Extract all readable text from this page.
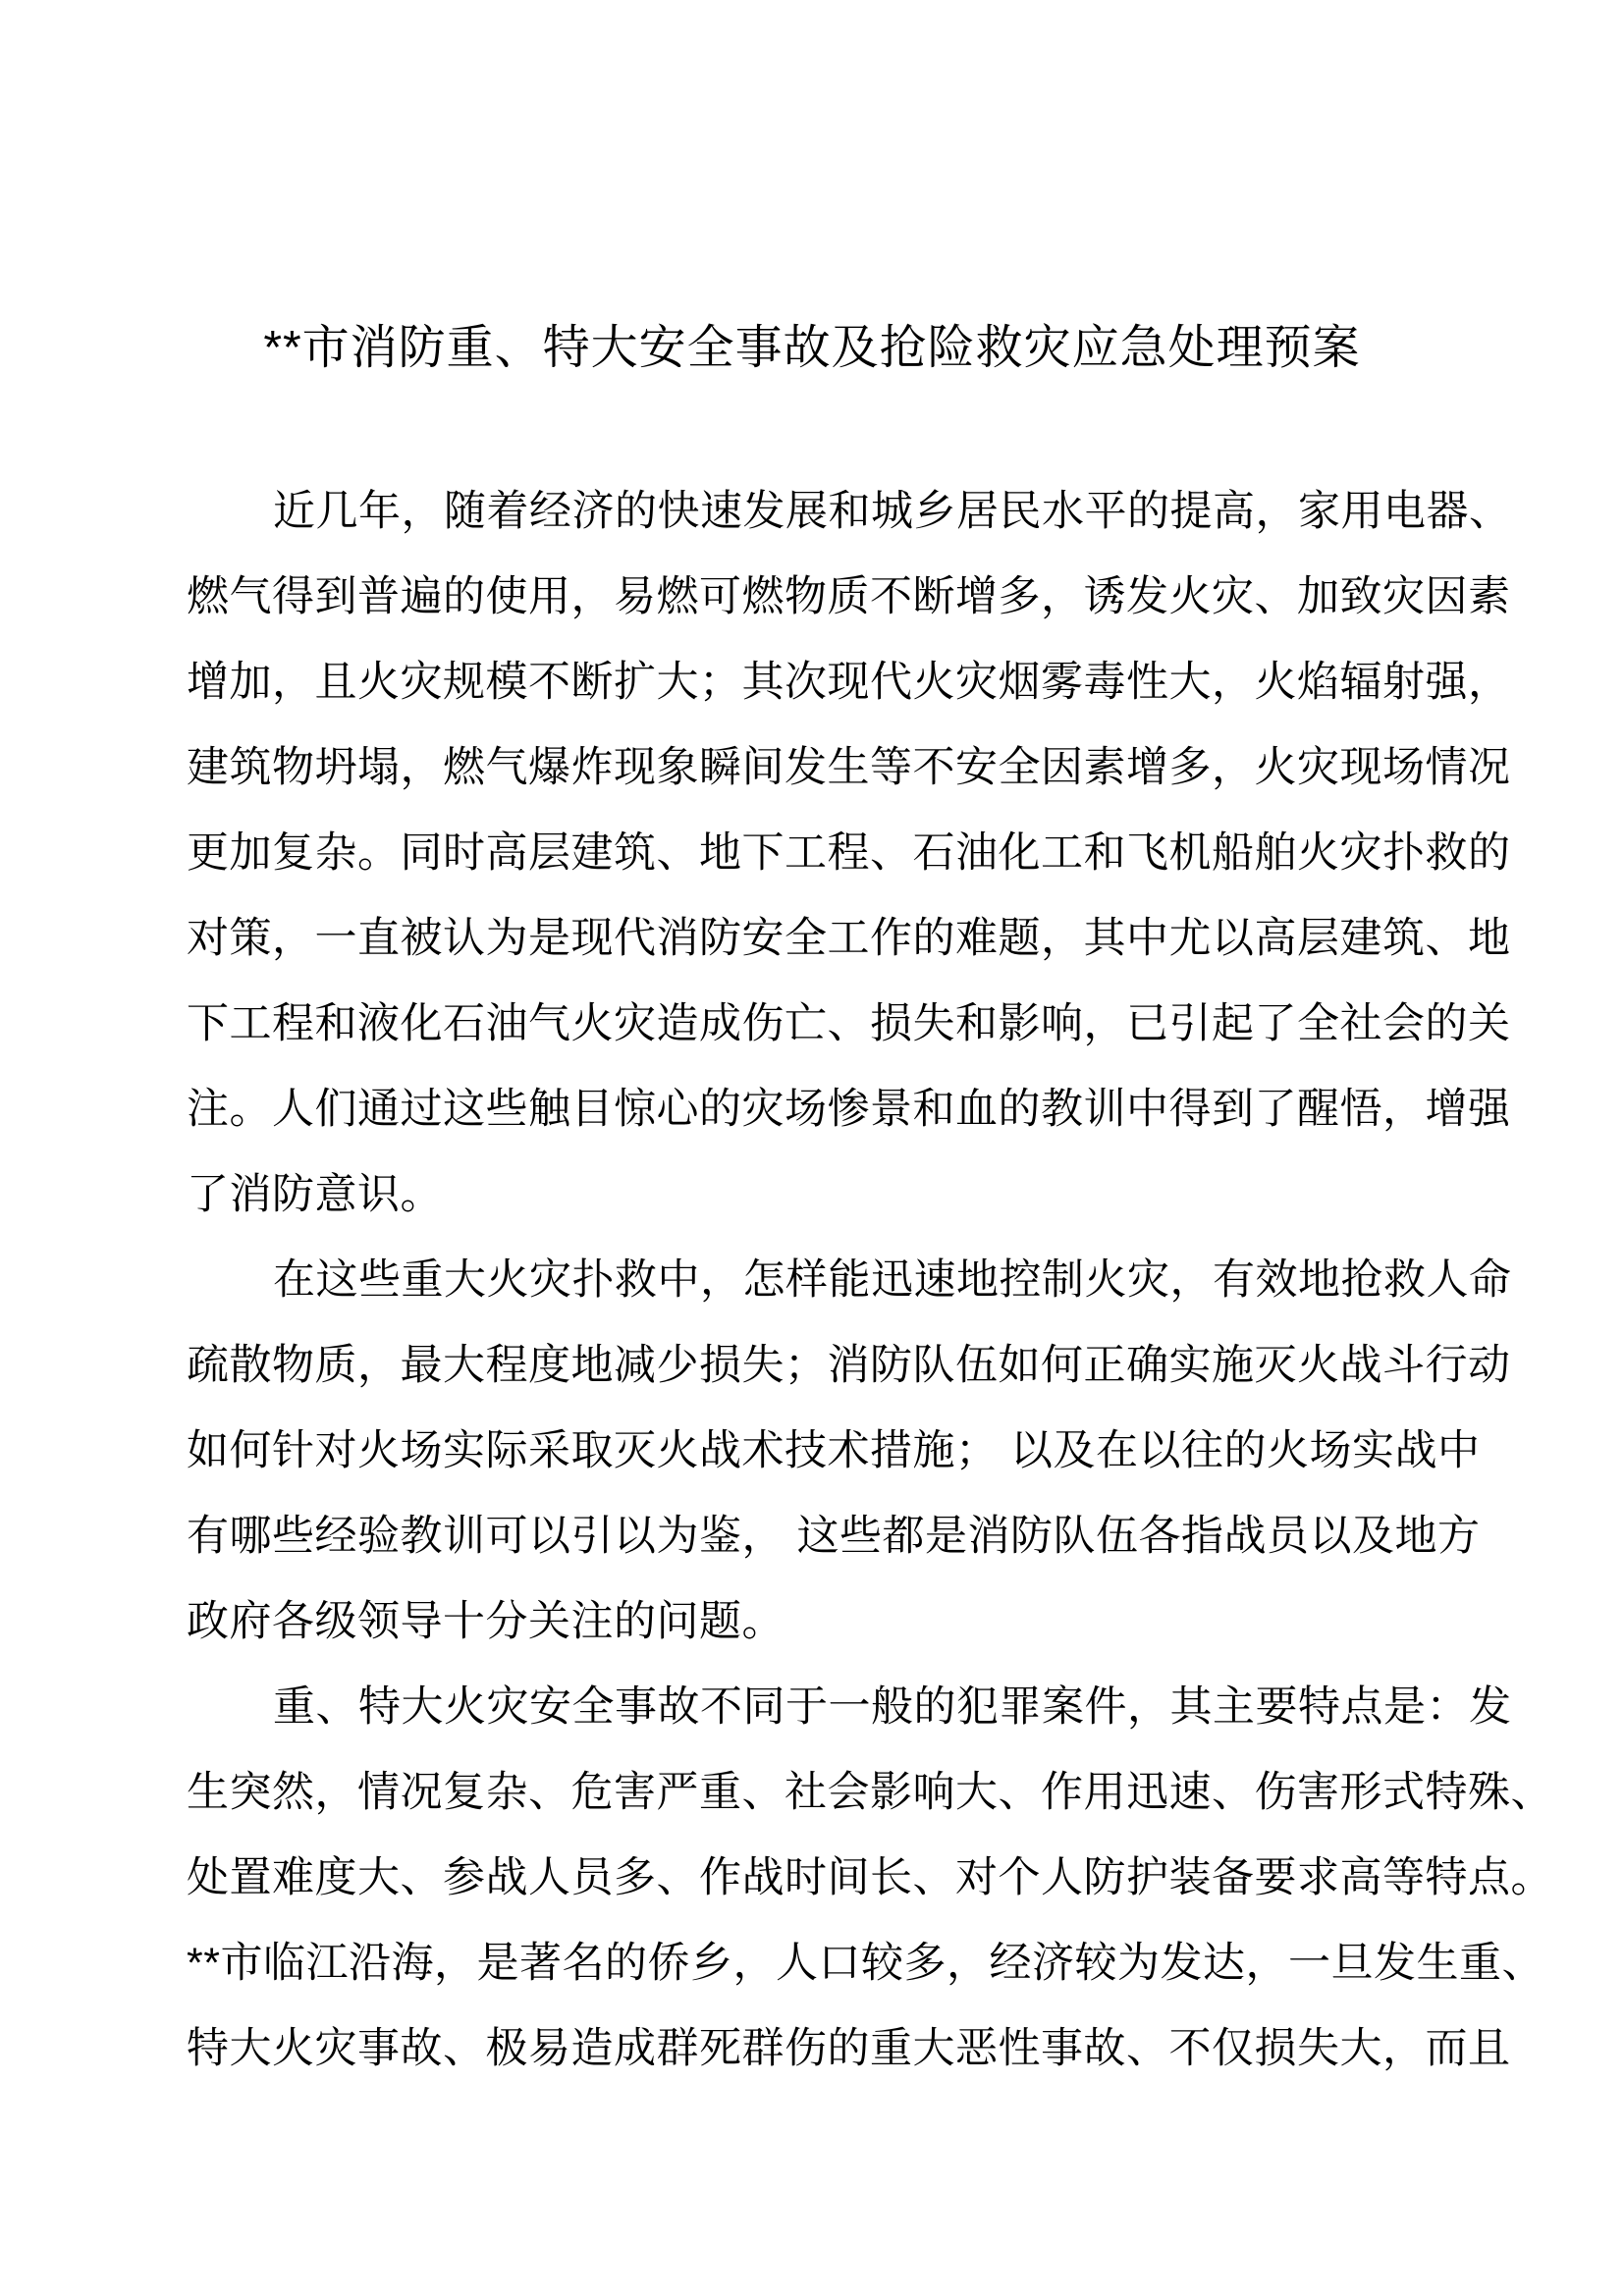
**市消防重、特大安全事故及抢险救灾应急处理预案
近几年，随着经济的快速发展和城乡居民水平的提高，家用电器、
燃气得到普遍的使用，易燃可燃物质不断增多，诱发火灾、加致灾因素
增加，且火灾规模不断扩大；其次现代火灾烟雾毒性大，火焰辐射强，
建筑物坍塌，燃气爆炸现象瞬间发生等不安全因素增多，火灾现场情况
更加复杂。同时高层建筑、地下工程、石油化工和飞机船舶火灾扑救的
对策，一直被认为是现代消防安全工作的难题，其中尤以高层建筑、地
下工程和液化石油气火灾造成伤亡、损失和影响，已引起了全社会的关
注。人们通过这些触目惊心的灾场惨景和血的教训中得到了醒悟，增强
了消防意识。
在这些重大火灾扑救中，怎样能迅速地控制火灾，有效地抢救人命
疏散物质，最大程度地减少损失；消防队伍如何正确实施灭火战斗行动
如何针对火场实际采取灭火战术技术措施； 以及在以往的火场实战中
有哪些经验教训可以引以为鉴， 这些都是消防队伍各指战员以及地方
政府各级领导十分关注的问题。
重、特大火灾安全事故不同于一般的犯罪案件，其主要特点是：发
生突然，情况复杂、危害严重、社会影响大、作用迅速、伤害形式特殊、
处置难度大、参战人员多、作战时间长、对个人防护装备要求高等特点。
**市临江沿海，是著名的侨乡，人口较多，经济较为发达，一旦发生重、
特大火灾事故、极易造成群死群伤的重大恶性事故、不仅损失大，而且
